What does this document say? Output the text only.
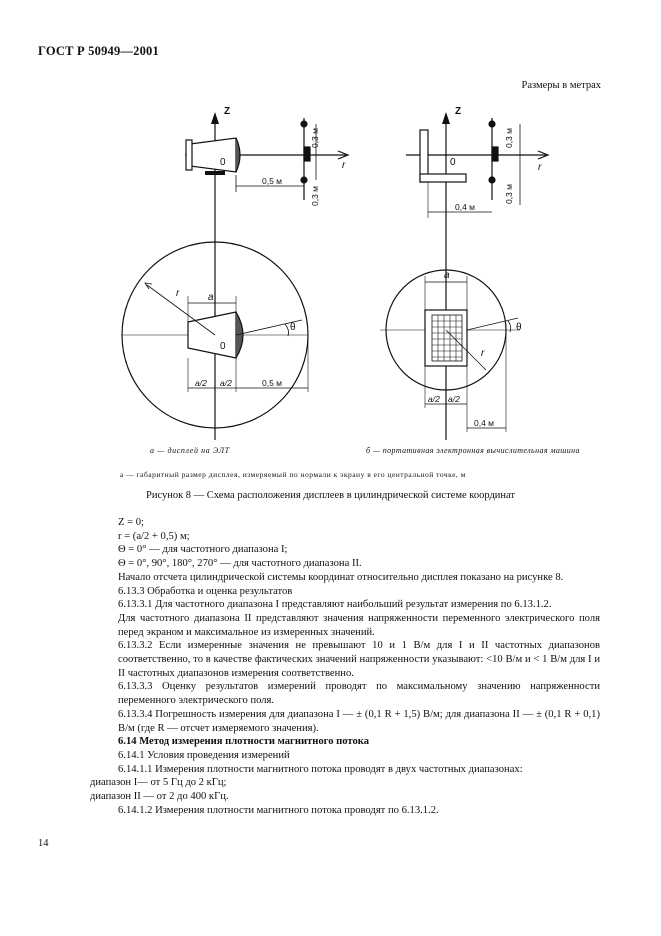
ГОСТ Р 50949—2001
Размеры в метрах
Z
r
0
0,3 м
0,3 м
0,5 м
r	a
θ
0
a/2 a/2	0,5 м
Z
r
0
0,3 м
0,3 м
0,4 м
a
θ
r
a/2 a/2
0,4 м
а — дисплей на ЭЛТ	б — портативная электронная вычислительная машина
а — габаритный размер дисплея, измеряемый по нормали к экрану в его центральной точке, м
Рисунок 8 — Схема расположения дисплеев в цилиндрической системе координат

Z = 0;

r = (a/2 + 0,5) м;

Θ = 0° — для частотного диапазона I;

Θ = 0°, 90°, 180°, 270° — для частотного диапазона II.

Начало отсчета цилиндрической системы координат относительно дисплея показано на рисунке 8.

6.13.3 Обработка и оценка результатов

6.13.3.1 Для частотного диапазона I представляют наибольший результат измерения по 6.13.1.2.

Для частотного диапазона II представляют значения напряженности переменного электрического поля перед экраном и максимальное из измеренных значений.

6.13.3.2 Если измеренные значения не превышают 10 и 1 В/м для I и II частотных диапазонов соответственно, то в качестве фактических значений напряженности указывают: <10 В/м и < 1 В/м для I и II частотных диапазонов измерения соответственно.

6.13.3.3 Оценку результатов измерений проводят по максимальному значению напряженности переменного электрического поля.

6.13.3.4 Погрешность измерения для диапазона I — ± (0,1 R + 1,5) В/м; для диапазона II — ± (0,1 R + 0,1) В/м (где R — отсчет измеряемого значения).

6.14 Метод измерения плотности магнитного потока

6.14.1 Условия проведения измерений

6.14.1.1 Измерения плотности магнитного потока проводят в двух частотных диапазонах:

диапазон I— от 5 Гц до 2 кГц;

диапазон II — от 2 до 400 кГц.

6.14.1.2 Измерения плотности магнитного потока проводят по 6.13.1.2.

14
